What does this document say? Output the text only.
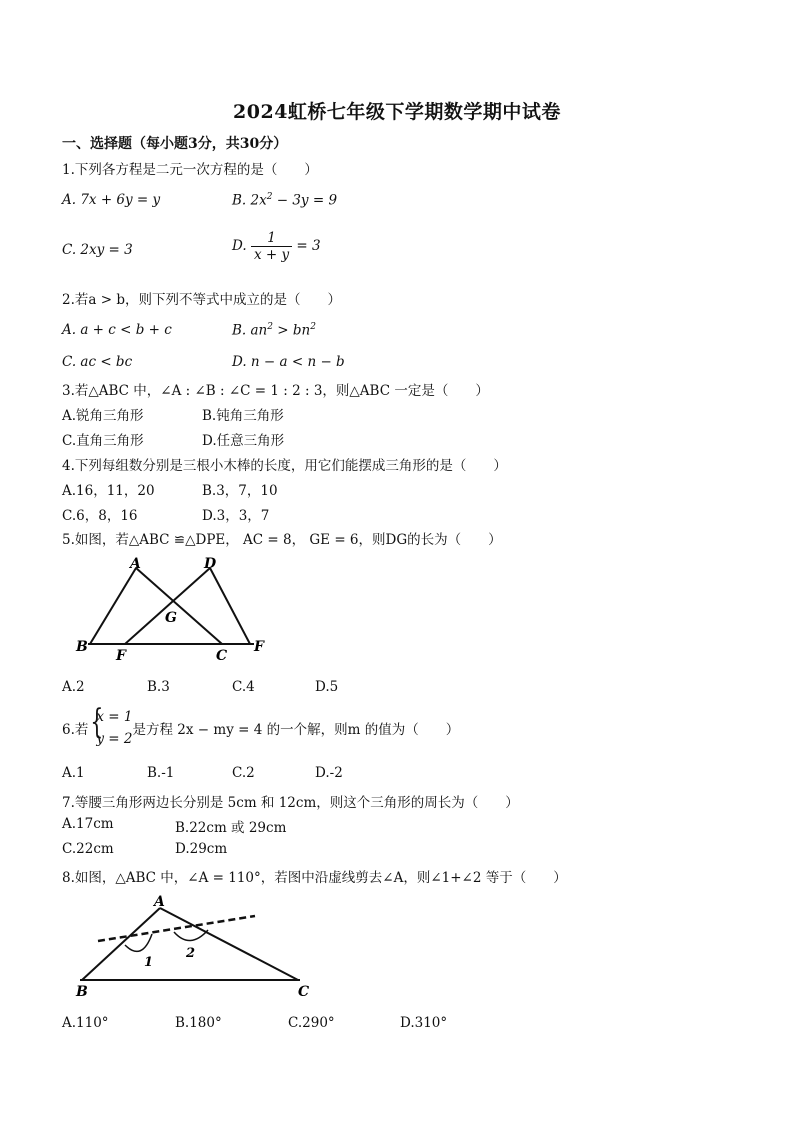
2024虹桥七年级下学期数学期中试卷
一、选择题（每小题3分，共30分）
1.下列各方程是二元一次方程的是（　　）
A. 7x + 6y = y	B. $2x^2 - 3y = 9$
C. 2xy = 3	D. $\frac{1}{x + y} = 3$
2.若a > b，则下列不等式中成立的是（　　）
A. a + c < b + c	B. $an^2 > bn^2$
C. ac < bc	D. n − a < n − b
3.若△ABC 中，∠A : ∠B : ∠C = 1 : 2 : 3，则△ABC 一定是（　　）
A.锐角三角形	B.钝角三角形
C.直角三角形	D.任意三角形
4.下列每组数分别是三根小木棒的长度，用它们能摆成三角形的是（　　）
A.16，11，20	B.3，7，10
C.6，8，16	D.3，3，7
5.如图，若△ABC ≌△DPE， AC = 8， GE = 6，则DG的长为（　　）
A	D
G
B
F	C
F
A.2	B.3	C.4	D.5
6.若 {
x = 1
y = 2
是方程 2x − my = 4 的一个解，则m 的值为（　　）
A.1	B.-1	C.2	D.-2
7.等腰三角形两边长分别是 5cm 和 12cm，则这个三角形的周长为（　　）
A.17cm	B.22cm 或 29cm
C.22cm	D.29cm
8.如图，△ABC 中，∠A = 110°，若图中沿虚线剪去∠A，则∠1+∠2 等于（　　）
A
1
2
B	C
A.110°	B.180°	C.290°	D.310°
